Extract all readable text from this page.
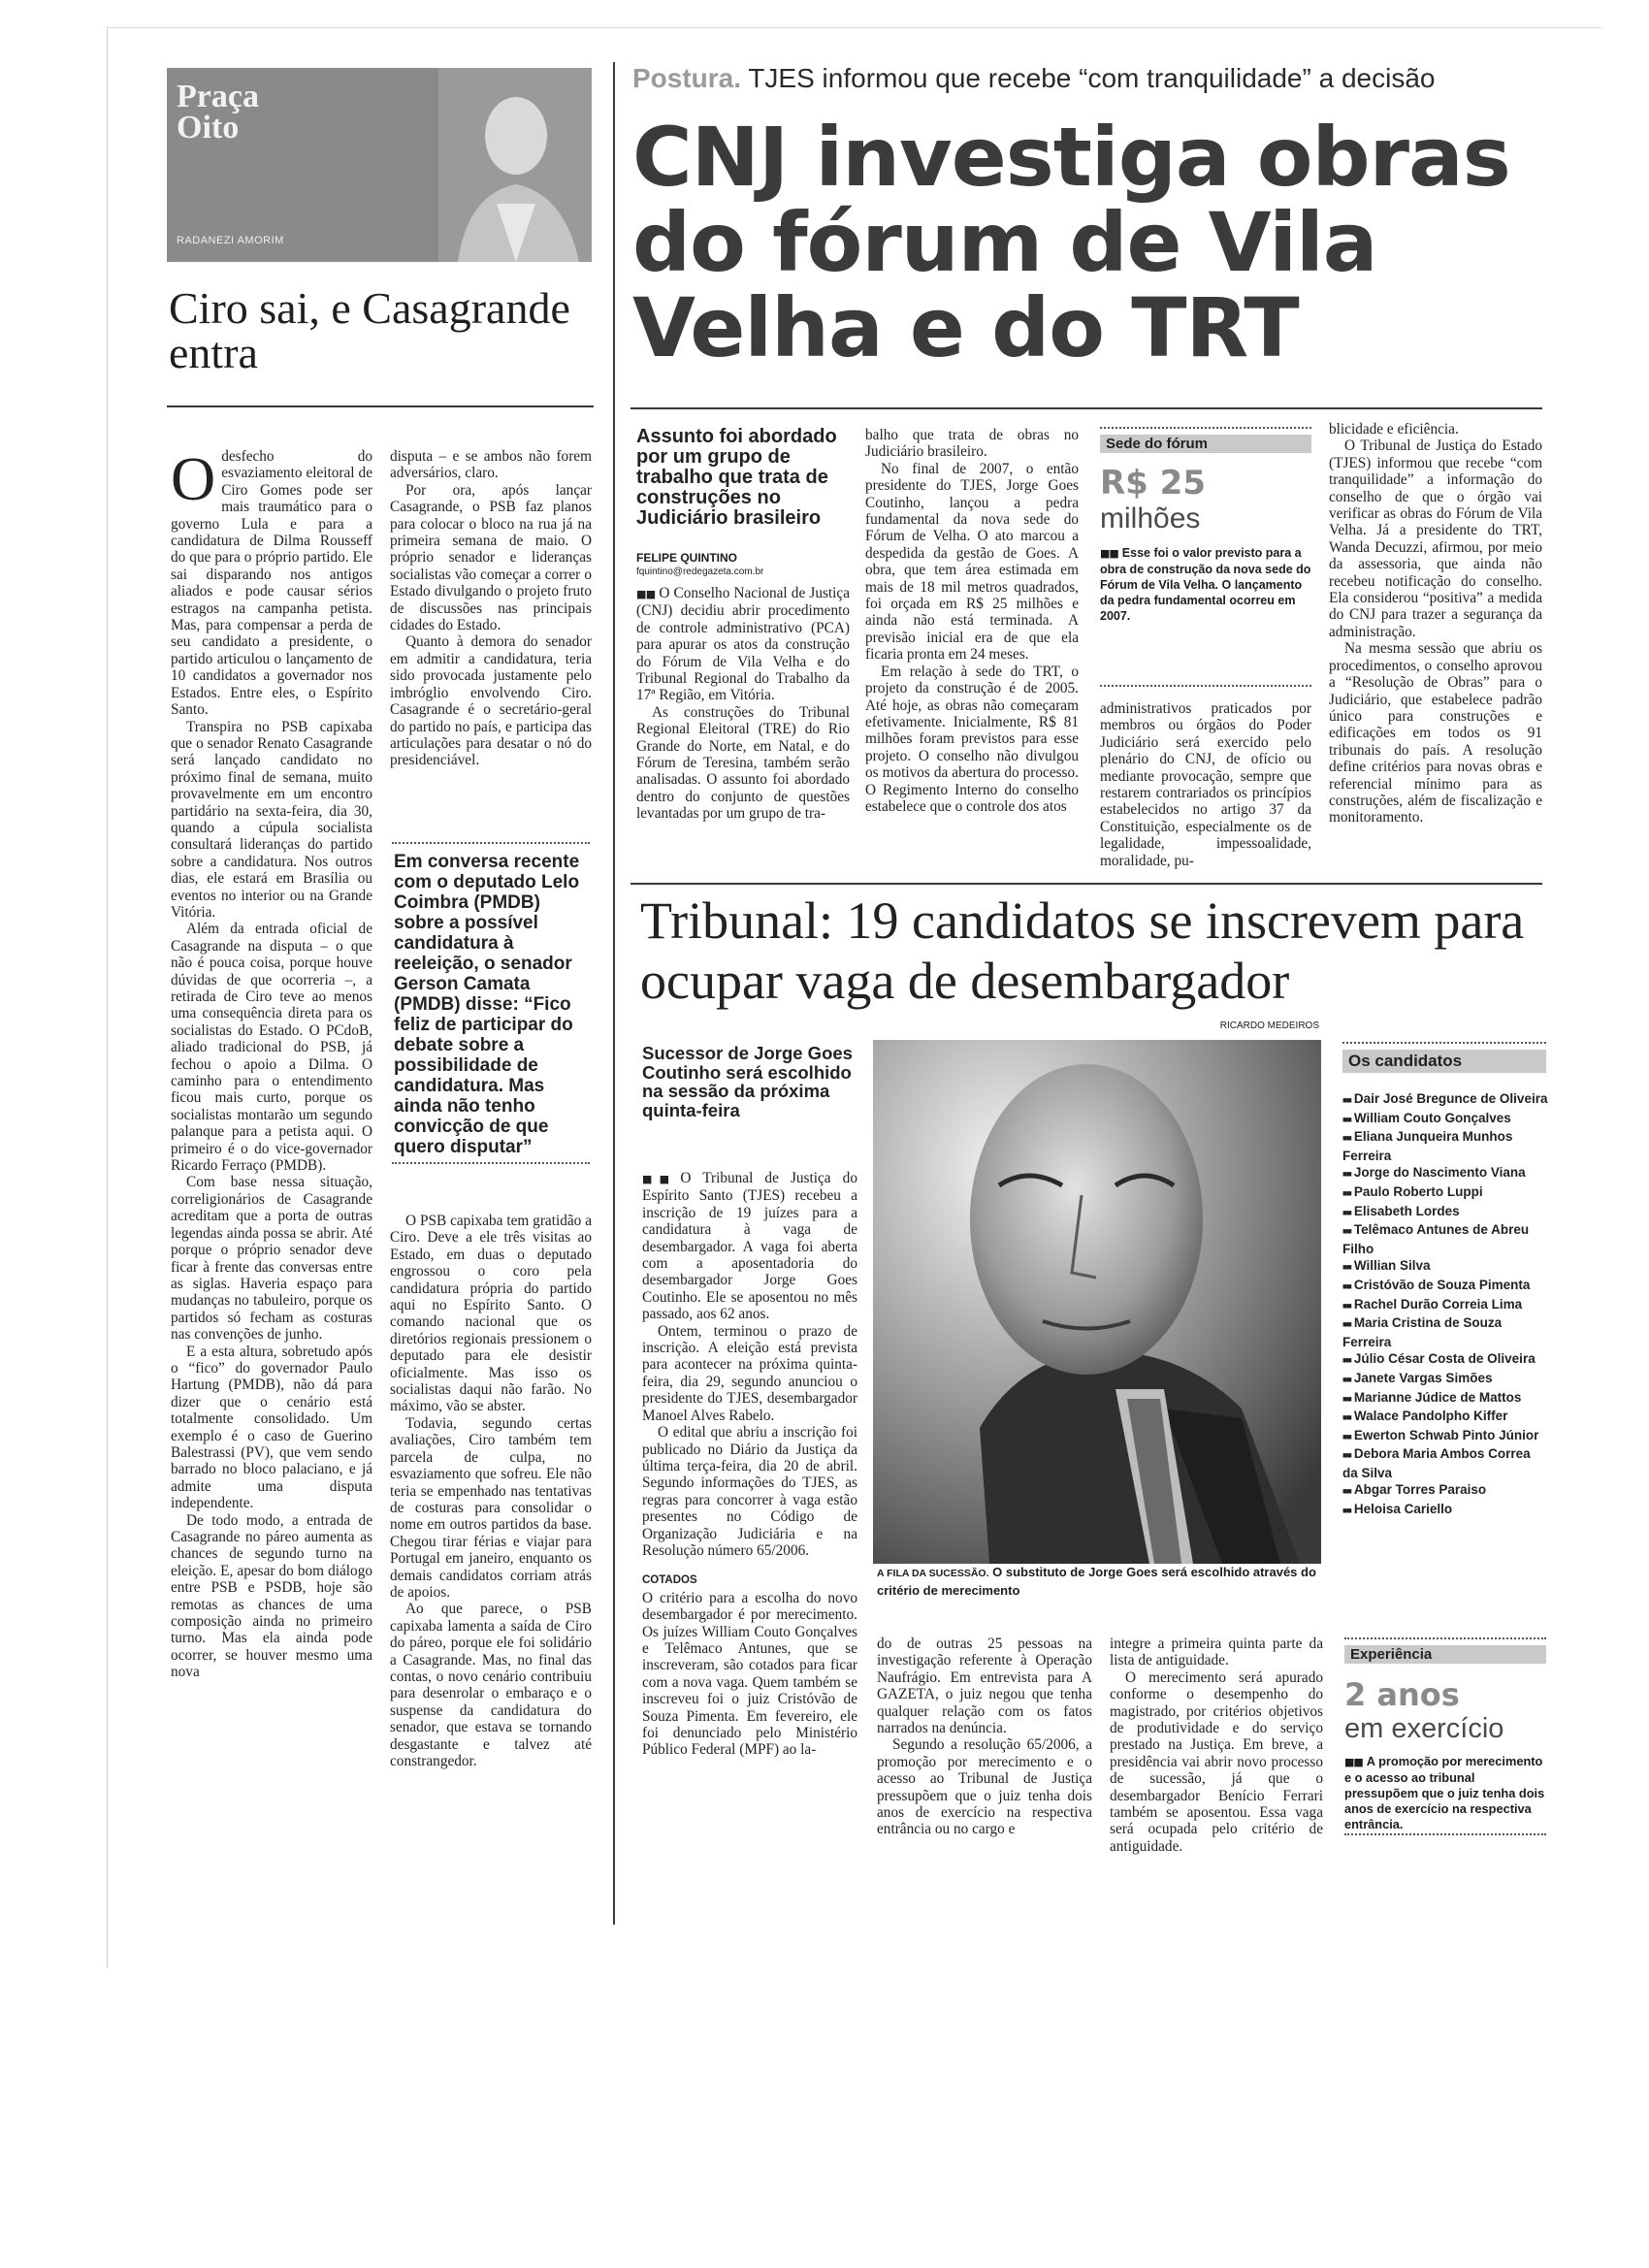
Praça Oito
RADANEZI AMORIM
Ciro sai, e Casagrande entra
O desfecho do esvaziamento eleitoral de Ciro Gomes pode ser mais traumático para o governo Lula e para a candidatura de Dilma Rousseff do que para o próprio partido. Ele sai disparando nos antigos aliados e pode causar sérios estragos na campanha petista. Mas, para compensar a perda de seu candidato a presidente, o partido articulou o lançamento de 10 candidatos a governador nos Estados. Entre eles, o Espírito Santo.

Transpira no PSB capixaba que o senador Renato Casagrande será lançado candidato no próximo final de semana, muito provavelmente em um encontro partidário na sexta-feira, dia 30, quando a cúpula socialista consultará lideranças do partido sobre a candidatura. Nos outros dias, ele estará em Brasília ou eventos no interior ou na Grande Vitória.

Além da entrada oficial de Casagrande na disputa – o que não é pouca coisa, porque houve dúvidas de que ocorreria –, a retirada de Ciro teve ao menos uma consequência direta para os socialistas do Estado. O PCdoB, aliado tradicional do PSB, já fechou o apoio a Dilma. O caminho para o entendimento ficou mais curto, porque os socialistas montarão um segundo palanque para a petista aqui. O primeiro é o do vice-governador Ricardo Ferraço (PMDB).

Com base nessa situação, correligionários de Casagrande acreditam que a porta de outras legendas ainda possa se abrir. Até porque o próprio senador deve ficar à frente das conversas entre as siglas. Haveria espaço para mudanças no tabuleiro, porque os partidos só fecham as costuras nas convenções de junho.

E a esta altura, sobretudo após o “fico” do governador Paulo Hartung (PMDB), não dá para dizer que o cenário está totalmente consolidado. Um exemplo é o caso de Guerino Balestrassi (PV), que vem sendo barrado no bloco palaciano, e já admite uma disputa independente.

De todo modo, a entrada de Casagrande no páreo aumenta as chances de segundo turno na eleição. E, apesar do bom diálogo entre PSB e PSDB, hoje são remotas as chances de uma composição ainda no primeiro turno. Mas ela ainda pode ocorrer, se houver mesmo uma nova

disputa – e se ambos não forem adversários, claro.

Por ora, após lançar Casagrande, o PSB faz planos para colocar o bloco na rua já na primeira semana de maio. O próprio senador e lideranças socialistas vão começar a correr o Estado divulgando o projeto fruto de discussões nas principais cidades do Estado.

Quanto à demora do senador em admitir a candidatura, teria sido provocada justamente pelo imbróglio envolvendo Ciro. Casagrande é o secretário-geral do partido no país, e participa das articulações para desatar o nó do presidenciável.

Em conversa recente com o deputado Lelo Coimbra (PMDB) sobre a possível candidatura à reeleição, o senador Gerson Camata (PMDB) disse: “Fico feliz de participar do debate sobre a possibilidade de candidatura. Mas ainda não tenho convicção de que quero disputar”

O PSB capixaba tem gratidão a Ciro. Deve a ele três visitas ao Estado, em duas o deputado engrossou o coro pela candidatura própria do partido aqui no Espírito Santo. O comando nacional que os diretórios regionais pressionem o deputado para ele desistir oficialmente. Mas isso os socialistas daqui não farão. No máximo, vão se abster.

Todavia, segundo certas avaliações, Ciro também tem parcela de culpa, no esvaziamento que sofreu. Ele não teria se empenhado nas tentativas de costuras para consolidar o nome em outros partidos da base. Chegou tirar férias e viajar para Portugal em janeiro, enquanto os demais candidatos corriam atrás de apoios.

Ao que parece, o PSB capixaba lamenta a saída de Ciro do páreo, porque ele foi solidário a Casagrande. Mas, no final das contas, o novo cenário contribuiu para desenrolar o embaraço e o suspense da candidatura do senador, que estava se tornando desgastante e talvez até constrangedor.

Postura. TJES informou que recebe “com tranquilidade” a decisão
CNJ investiga obras do fórum de Vila Velha e do TRT
Assunto foi abordado por um grupo de trabalho que trata de construções no Judiciário brasileiro
FELIPE QUINTINO
fquintino@redegazeta.com.br

■■ O Conselho Nacional de Justiça (CNJ) decidiu abrir procedimento de controle administrativo (PCA) para apurar os atos da construção do Fórum de Vila Velha e do Tribunal Regional do Trabalho da 17ª Região, em Vitória.

As construções do Tribunal Regional Eleitoral (TRE) do Rio Grande do Norte, em Natal, e do Fórum de Teresina, também serão analisadas. O assunto foi abordado dentro do conjunto de questões levantadas por um grupo de tra-

balho que trata de obras no Judiciário brasileiro.

No final de 2007, o então presidente do TJES, Jorge Goes Coutinho, lançou a pedra fundamental da nova sede do Fórum de Velha. O ato marcou a despedida da gestão de Goes. A obra, que tem área estimada em mais de 18 mil metros quadrados, foi orçada em R$ 25 milhões e ainda não está terminada. A previsão inicial era de que ela ficaria pronta em 24 meses.

Em relação à sede do TRT, o projeto da construção é de 2005. Até hoje, as obras não começaram efetivamente. Inicialmente, R$ 81 milhões foram previstos para esse projeto. O conselho não divulgou os motivos da abertura do processo. O Regimento Interno do conselho estabelece que o controle dos atos

Sede do fórum
R$ 25
milhões
■■ Esse foi o valor previsto para a obra de construção da nova sede do Fórum de Vila Velha. O lançamento da pedra fundamental ocorreu em 2007.

administrativos praticados por membros ou órgãos do Poder Judiciário será exercido pelo plenário do CNJ, de ofício ou mediante provocação, sempre que restarem contrariados os princípios estabelecidos no artigo 37 da Constituição, especialmente os de legalidade, impessoalidade, moralidade, pu-

blicidade e eficiência.

O Tribunal de Justiça do Estado (TJES) informou que recebe “com tranquilidade” a informação do conselho de que o órgão vai verificar as obras do Fórum de Vila Velha. Já a presidente do TRT, Wanda Decuzzi, afirmou, por meio da assessoria, que ainda não recebeu notificação do conselho. Ela considerou “positiva” a medida do CNJ para trazer a segurança da administração.

Na mesma sessão que abriu os procedimentos, o conselho aprovou a “Resolução de Obras” para o Judiciário, que estabelece padrão único para construções e edificações em todos os 91 tribunais do país. A resolução define critérios para novas obras e referencial mínimo para as construções, além de fiscalização e monitoramento.

Tribunal: 19 candidatos se inscrevem para ocupar vaga de desembargador
RICARDO MEDEIROS
Sucessor de Jorge Goes Coutinho será escolhido na sessão da próxima quinta-feira

■■ O Tribunal de Justiça do Espírito Santo (TJES) recebeu a inscrição de 19 juízes para a candidatura à vaga de desembargador. A vaga foi aberta com a aposentadoria do desembargador Jorge Goes Coutinho. Ele se aposentou no mês passado, aos 62 anos.

Ontem, terminou o prazo de inscrição. A eleição está prevista para acontecer na próxima quinta-feira, dia 29, segundo anunciou o presidente do TJES, desembargador Manoel Alves Rabelo.

O edital que abriu a inscrição foi publicado no Diário da Justiça da última terça-feira, dia 20 de abril. Segundo informações do TJES, as regras para concorrer à vaga estão presentes no Código de Organização Judiciária e na Resolução número 65/2006.

COTADOS

O critério para a escolha do novo desembargador é por merecimento. Os juízes William Couto Gonçalves e Telêmaco Antunes, que se inscreveram, são cotados para ficar com a nova vaga. Quem também se inscreveu foi o juiz Cristóvão de Souza Pimenta. Em fevereiro, ele foi denunciado pelo Ministério Público Federal (MPF) ao la-

A FILA DA SUCESSÃO. O substituto de Jorge Goes será escolhido através do critério de merecimento

do de outras 25 pessoas na investigação referente à Operação Naufrágio. Em entrevista para A GAZETA, o juiz negou que tenha qualquer relação com os fatos narrados na denúncia.

Segundo a resolução 65/2006, a promoção por merecimento e o acesso ao Tribunal de Justiça pressupõem que o juiz tenha dois anos de exercício na respectiva entrância ou no cargo e

integre a primeira quinta parte da lista de antiguidade.

O merecimento será apurado conforme o desempenho do magistrado, por critérios objetivos de produtividade e do serviço prestado na Justiça. Em breve, a presidência vai abrir novo processo de sucessão, já que o desembargador Benício Ferrari também se aposentou. Essa vaga será ocupada pelo critério de antiguidade.

Os candidatos

■■ Dair José Bregunce de Oliveira

■■ William Couto Gonçalves

■■ Eliana Junqueira Munhos Ferreira

■■ Jorge do Nascimento Viana

■■ Paulo Roberto Luppi

■■ Elisabeth Lordes

■■ Telêmaco Antunes de Abreu Filho

■■ Willian Silva

■■ Cristóvão de Souza Pimenta

■■ Rachel Durão Correia Lima

■■ Maria Cristina de Souza Ferreira

■■ Júlio César Costa de Oliveira

■■ Janete Vargas Simões

■■ Marianne Júdice de Mattos

■■ Walace Pandolpho Kiffer

■■ Ewerton Schwab Pinto Júnior

■■ Debora Maria Ambos Correa da Silva

■■ Abgar Torres Paraiso

■■ Heloisa Cariello

Experiência
2 anos
em exercício
■■ A promoção por merecimento e o acesso ao tribunal pressupõem que o juiz tenha dois anos de exercício na respectiva entrância.
